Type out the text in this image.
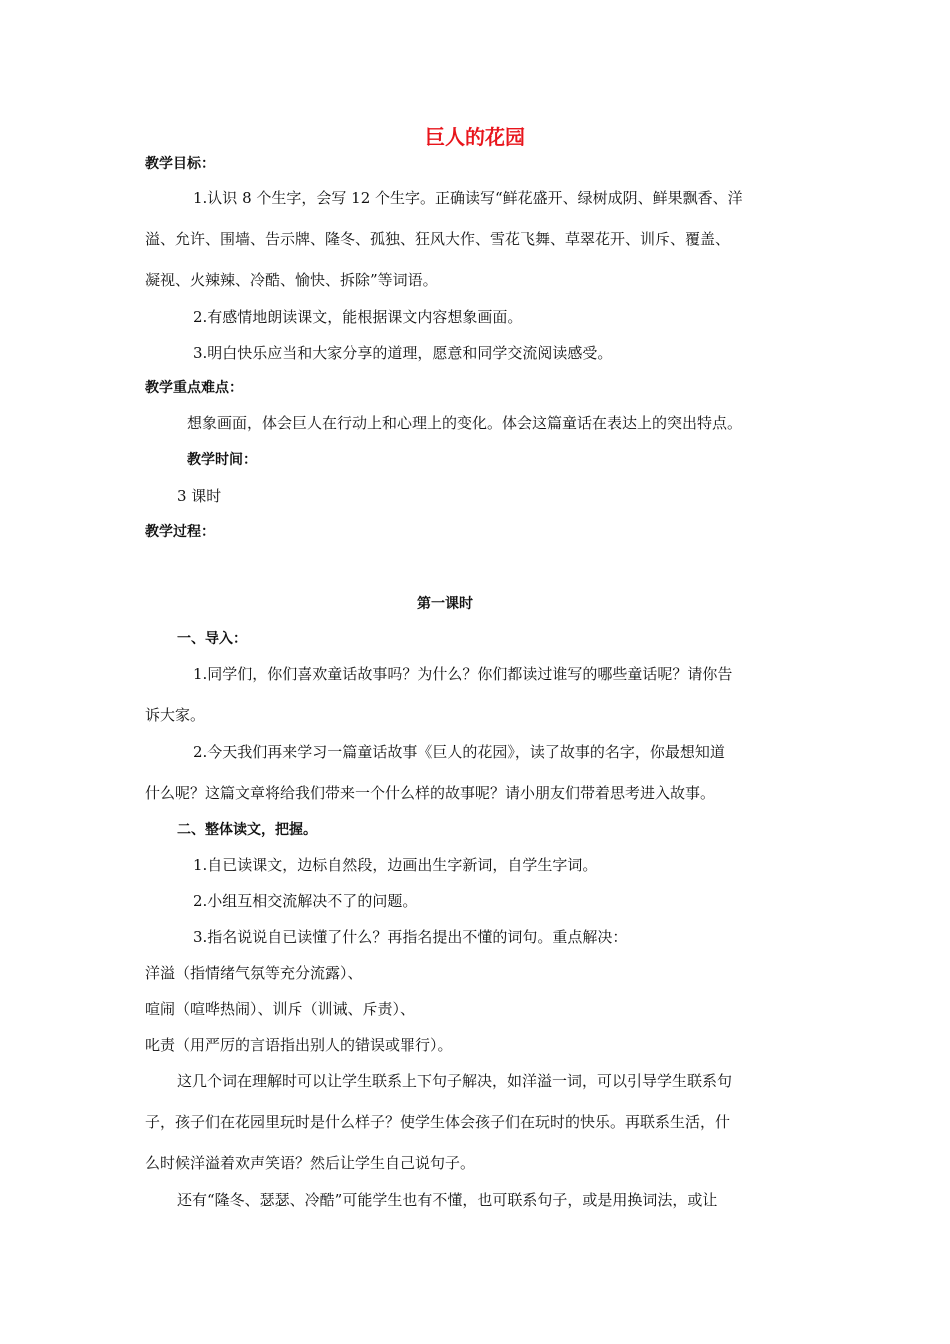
巨人的花园
教学目标：
1.认识 8 个生字，会写 12 个生字。正确读写“鲜花盛开、绿树成阴、鲜果飘香、洋
溢、允许、围墙、告示牌、隆冬、孤独、狂风大作、雪花飞舞、草翠花开、训斥、覆盖、
凝视、火辣辣、冷酷、愉快、拆除”等词语。
2.有感情地朗读课文，能根据课文内容想象画面。
3.明白快乐应当和大家分享的道理，愿意和同学交流阅读感受。
教学重点难点：
想象画面，体会巨人在行动上和心理上的变化。体会这篇童话在表达上的突出特点。
教学时间：
3 课时
教学过程：
第一课时
一、导入：
1.同学们，你们喜欢童话故事吗？为什么？你们都读过谁写的哪些童话呢？请你告
诉大家。
2.今天我们再来学习一篇童话故事《巨人的花园》，读了故事的名字，你最想知道
什么呢？这篇文章将给我们带来一个什么样的故事呢？请小朋友们带着思考进入故事。
二、整体读文，把握。
1.自已读课文，边标自然段，边画出生字新词，自学生字词。
2.小组互相交流解决不了的问题。
3.指名说说自已读懂了什么？再指名提出不懂的词句。重点解决：
洋溢（指情绪气氛等充分流露）、
喧闹（喧哗热闹）、训斥（训诫、斥责）、
叱责（用严厉的言语指出别人的错误或罪行）。
这几个词在理解时可以让学生联系上下句子解决，如洋溢一词，可以引导学生联系句
子，孩子们在花园里玩时是什么样子？使学生体会孩子们在玩时的快乐。再联系生活，什
么时候洋溢着欢声笑语？然后让学生自己说句子。
还有“隆冬、瑟瑟、冷酷”可能学生也有不懂，也可联系句子，或是用换词法，或让
